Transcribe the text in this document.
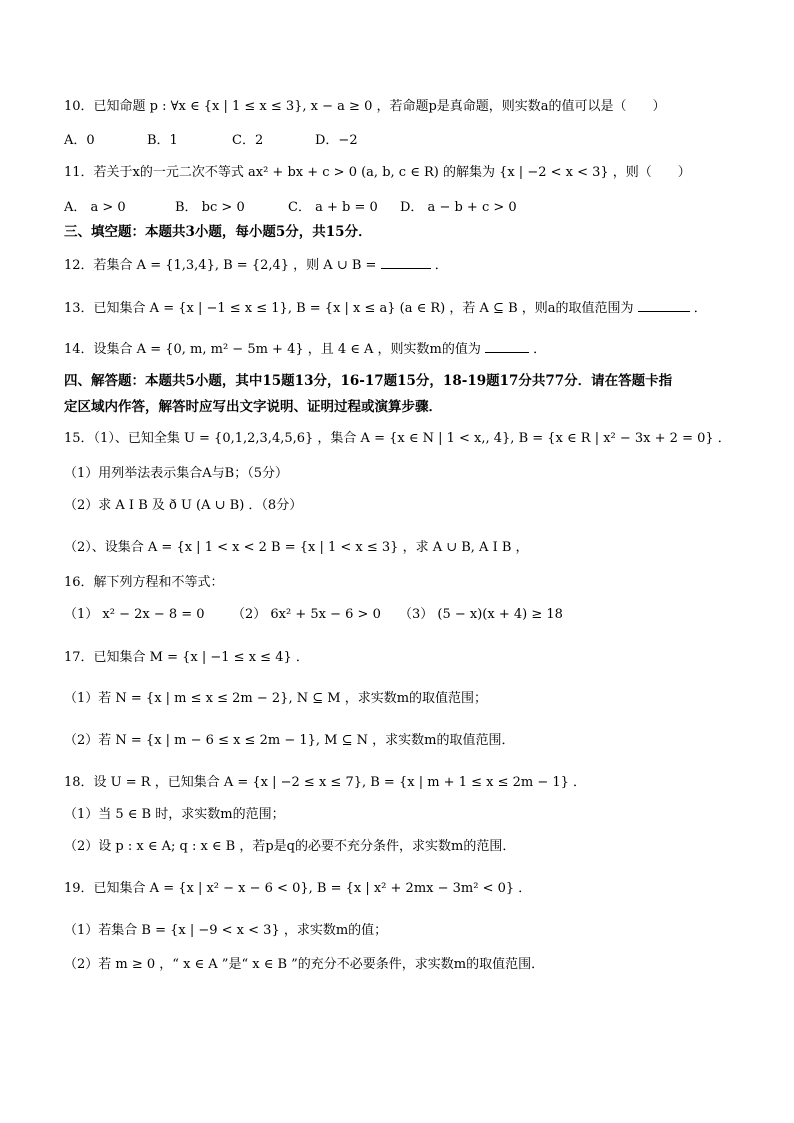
10．已知命题 p : ∀x ∈ {x | 1 ≤ x ≤ 3}, x − a ≥ 0 ，若命题p是真命题，则实数a的值可以是（　　）
A．0	B．1	C．2	D．−2
11．若关于x的一元二次不等式 ax² + bx + c > 0 (a, b, c ∈ R) 的解集为 {x | −2 < x < 3} ，则（　　）
A． a > 0	B． bc > 0	C． a + b = 0 D． a − b + c > 0
三、填空题：本题共3小题，每小题5分，共15分．
12．若集合 A = {1,3,4}, B = {2,4} ，则 A ∪ B =	．
13．已知集合 A = {x | −1 ≤ x ≤ 1}, B = {x | x ≤ a} (a ∈ R) ，若 A ⊆ B ，则a的取值范围为	．
14．设集合 A = {0, m, m² − 5m + 4} ，且 4 ∈ A ，则实数m的值为	．
四、解答题：本题共5小题，其中15题13分，16-17题15分，18-19题17分共77分．请在答题卡指
定区域内作答，解答时应写出文字说明、证明过程或演算步骤．
15．（1）、已知全集 U = {0,1,2,3,4,5,6} ，集合 A = {x ∈ N | 1 < x,, 4}, B = {x ∈ R | x² − 3x + 2 = 0} ．
（1）用列举法表示集合A与B；（5分）
（2）求 A I B 及 ð U (A ∪ B) ．（8分）
（2）、设集合 A = {x | 1 < x < 2 B = {x | 1 < x ≤ 3} ，求 A ∪ B, A I B ，
16．解下列方程和不等式：
（1） x² − 2x − 8 = 0 （2） 6x² + 5x − 6 > 0 （3） (5 − x)(x + 4) ≥ 18
17．已知集合 M = {x | −1 ≤ x ≤ 4} ．
（1）若 N = {x | m ≤ x ≤ 2m − 2}, N ⊆ M ，求实数m的取值范围；
（2）若 N = {x | m − 6 ≤ x ≤ 2m − 1}, M ⊆ N ，求实数m的取值范围．
18．设 U = R ，已知集合 A = {x | −2 ≤ x ≤ 7}, B = {x | m + 1 ≤ x ≤ 2m − 1} ．
（1）当 5 ∈ B 时，求实数m的范围；
（2）设 p : x ∈ A; q : x ∈ B ，若p是q的必要不充分条件，求实数m的范围．
19．已知集合 A = {x | x² − x − 6 < 0}, B = {x | x² + 2mx − 3m² < 0} ．
（1）若集合 B = {x | −9 < x < 3} ，求实数m的值；
（2）若 m ≥ 0 ，“ x ∈ A ”是“ x ∈ B ”的充分不必要条件，求实数m的取值范围．
